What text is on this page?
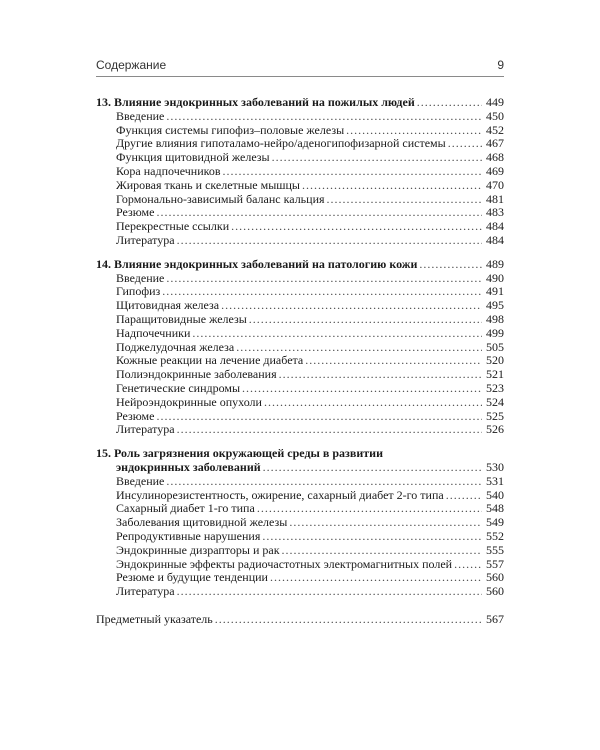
Содержание	9
13.
Влияние эндокринных заболеваний на пожилых людей .....	449
Введение .....	450
Функция системы гипофиз–половые железы .....	452
Другие влияния гипоталамо-нейро/аденогипофизарной системы .....	467
Функция щитовидной железы .....	468
Кора надпочечников .....	469
Жировая ткань и скелетные мышцы .....	470
Гормонально-зависимый баланс кальция .....	481
Резюме .....	483
Перекрестные ссылки .....	484
Литература .....	484
14.
Влияние эндокринных заболеваний на патологию кожи .....	489
Введение .....	490
Гипофиз .....	491
Щитовидная железа .....	495
Паращитовидные железы .....	498
Надпочечники .....	499
Поджелудочная железа .....	505
Кожные реакции на лечение диабета .....	520
Полиэндокринные заболевания .....	521
Генетические синдромы .....	523
Нейроэндокринные опухоли .....	524
Резюме .....	525
Литература .....	526
15.
Роль загрязнения окружающей среды в развитии
эндокринных заболеваний .....	530
Введение .....	531
Инсулинорезистентность, ожирение, сахарный диабет 2-го типа .....	540
Сахарный диабет 1-го типа .....	548
Заболевания щитовидной железы .....	549
Репродуктивные нарушения .....	552
Эндокринные дизрапторы и рак .....	555
Эндокринные эффекты радиочастотных электромагнитных полей .....	557
Резюме и будущие тенденции .....	560
Литература .....	560
Предметный указатель .....	567
